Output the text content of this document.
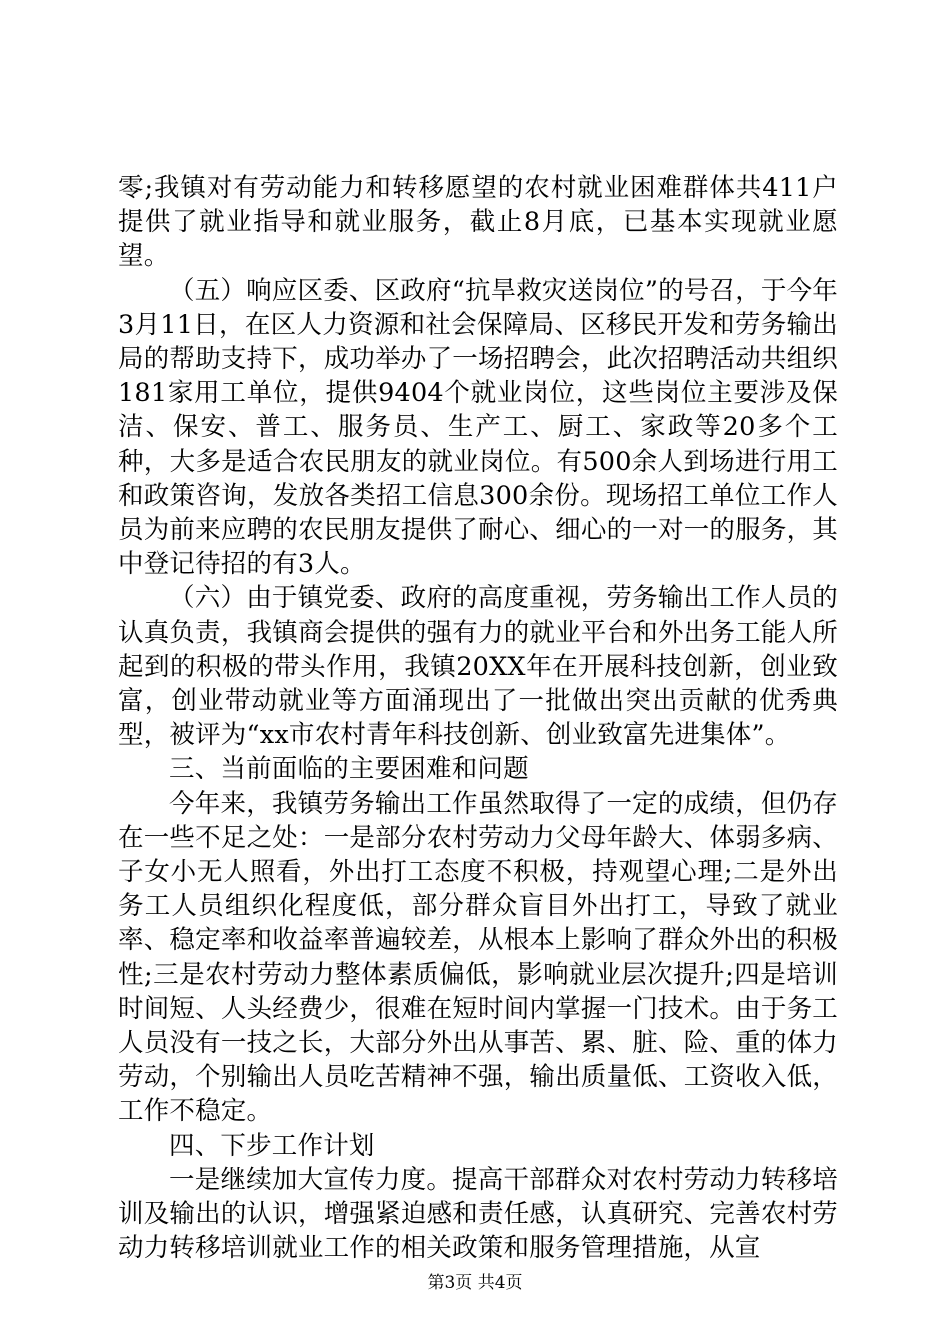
零;我镇对有劳动能力和转移愿望的农村就业困难群体共411户提供了就业指导和就业服务，截止8月底，已基本实现就业愿望。

（五）响应区委、区政府“抗旱救灾送岗位”的号召，于今年3月11日，在区人力资源和社会保障局、区移民开发和劳务输出局的帮助支持下，成功举办了一场招聘会，此次招聘活动共组织181家用工单位，提供9404个就业岗位，这些岗位主要涉及保洁、保安、普工、服务员、生产工、厨工、家政等20多个工种，大多是适合农民朋友的就业岗位。有500余人到场进行用工和政策咨询，发放各类招工信息300余份。现场招工单位工作人员为前来应聘的农民朋友提供了耐心、细心的一对一的服务，其中登记待招的有3人。

（六）由于镇党委、政府的高度重视，劳务输出工作人员的认真负责，我镇商会提供的强有力的就业平台和外出务工能人所起到的积极的带头作用，我镇20XX年在开展科技创新，创业致富，创业带动就业等方面涌现出了一批做出突出贡献的优秀典型，被评为“xx市农村青年科技创新、创业致富先进集体”。

三、当前面临的主要困难和问题

今年来，我镇劳务输出工作虽然取得了一定的成绩，但仍存在一些不足之处：一是部分农村劳动力父母年龄大、体弱多病、子女小无人照看，外出打工态度不积极，持观望心理;二是外出务工人员组织化程度低，部分群众盲目外出打工，导致了就业率、稳定率和收益率普遍较差，从根本上影响了群众外出的积极性;三是农村劳动力整体素质偏低，影响就业层次提升;四是培训时间短、人头经费少，很难在短时间内掌握一门技术。由于务工人员没有一技之长，大部分外出从事苦、累、脏、险、重的体力劳动，个别输出人员吃苦精神不强，输出质量低、工资收入低，工作不稳定。

四、下步工作计划

一是继续加大宣传力度。提高干部群众对农村劳动力转移培训及输出的认识，增强紧迫感和责任感，认真研究、完善农村劳动力转移培训就业工作的相关政策和服务管理措施，从宣

第3页 共4页
